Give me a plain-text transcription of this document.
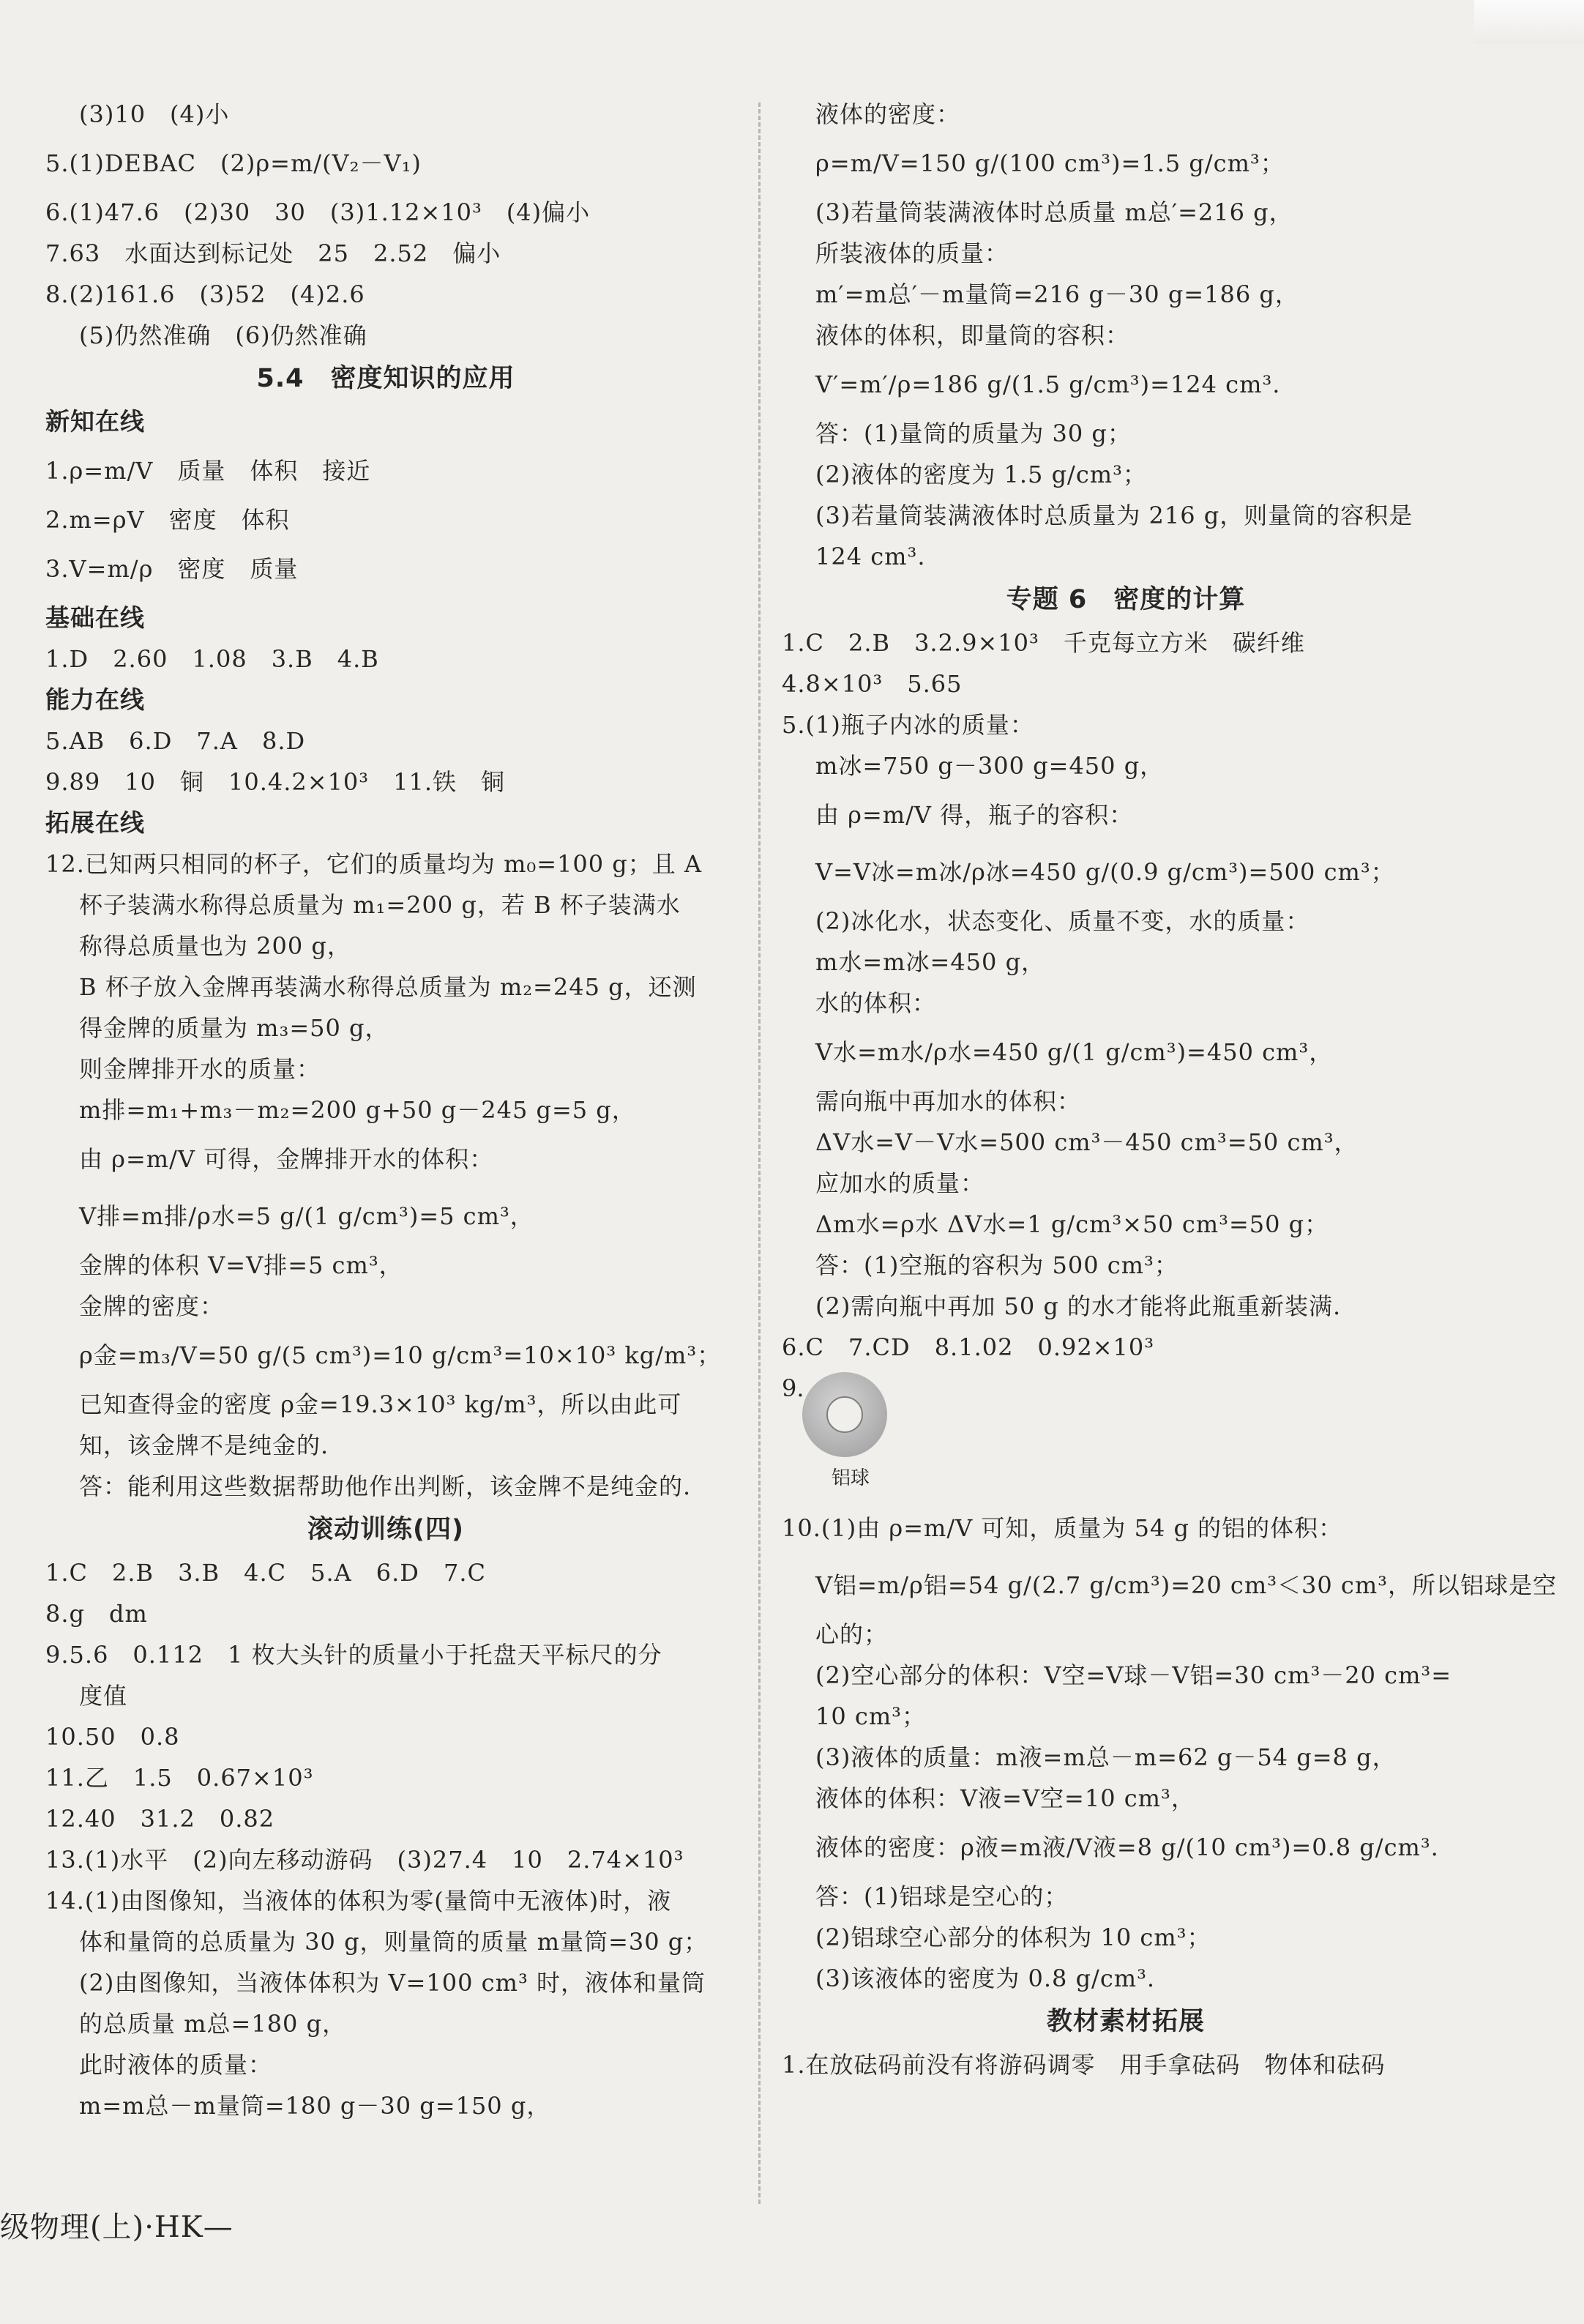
(3)10　(4)小
5.(1)DEBAC　(2)ρ=m/(V₂－V₁)
6.(1)47.6　(2)30　30　(3)1.12×10³　(4)偏小
7.63　水面达到标记处　25　2.52　偏小
8.(2)161.6　(3)52　(4)2.6
(5)仍然准确　(6)仍然准确
5.4　密度知识的应用
新知在线
1.ρ=m/V　质量　体积　接近
2.m=ρV　密度　体积
3.V=m/ρ　密度　质量
基础在线
1.D　2.60　1.08　3.B　4.B
能力在线
5.AB　6.D　7.A　8.D
9.89　10　铜　10.4.2×10³　11.铁　铜
拓展在线
12.已知两只相同的杯子，它们的质量均为 m₀=100 g；且 A
杯子装满水称得总质量为 m₁=200 g，若 B 杯子装满水
称得总质量也为 200 g，
B 杯子放入金牌再装满水称得总质量为 m₂=245 g，还测
得金牌的质量为 m₃=50 g，
则金牌排开水的质量：
m排=m₁+m₃－m₂=200 g+50 g－245 g=5 g，
由 ρ=m/V 可得，金牌排开水的体积：
V排=m排/ρ水=5 g/(1 g/cm³)=5 cm³，
金牌的体积 V=V排=5 cm³，
金牌的密度：
ρ金=m₃/V=50 g/(5 cm³)=10 g/cm³=10×10³ kg/m³；
已知查得金的密度 ρ金=19.3×10³ kg/m³，所以由此可
知，该金牌不是纯金的.
答：能利用这些数据帮助他作出判断，该金牌不是纯金的.
滚动训练(四)
1.C　2.B　3.B　4.C　5.A　6.D　7.C
8.g　dm
9.5.6　0.112　1 枚大头针的质量小于托盘天平标尺的分
度值
10.50　0.8
11.乙　1.5　0.67×10³
12.40　31.2　0.82
13.(1)水平　(2)向左移动游码　(3)27.4　10　2.74×10³
14.(1)由图像知，当液体的体积为零(量筒中无液体)时，液
体和量筒的总质量为 30 g，则量筒的质量 m量筒=30 g；
(2)由图像知，当液体体积为 V=100 cm³ 时，液体和量筒
的总质量 m总=180 g，
此时液体的质量：
m=m总－m量筒=180 g－30 g=150 g，
液体的密度：
ρ=m/V=150 g/(100 cm³)=1.5 g/cm³；
(3)若量筒装满液体时总质量 m总′=216 g，
所装液体的质量：
m′=m总′－m量筒=216 g－30 g=186 g，
液体的体积，即量筒的容积：
V′=m′/ρ=186 g/(1.5 g/cm³)=124 cm³.
答：(1)量筒的质量为 30 g；
(2)液体的密度为 1.5 g/cm³；
(3)若量筒装满液体时总质量为 216 g，则量筒的容积是
124 cm³.
专题 6　密度的计算
1.C　2.B　3.2.9×10³　千克每立方米　碳纤维
4.8×10³　5.65
5.(1)瓶子内冰的质量：
m冰=750 g－300 g=450 g，
由 ρ=m/V 得，瓶子的容积：
V=V冰=m冰/ρ冰=450 g/(0.9 g/cm³)=500 cm³；
(2)冰化水，状态变化、质量不变，水的质量：
m水=m冰=450 g，
水的体积：
V水=m水/ρ水=450 g/(1 g/cm³)=450 cm³，
需向瓶中再加水的体积：
ΔV水=V－V水=500 cm³－450 cm³=50 cm³，
应加水的质量：
Δm水=ρ水 ΔV水=1 g/cm³×50 cm³=50 g；
答：(1)空瓶的容积为 500 cm³；
(2)需向瓶中再加 50 g 的水才能将此瓶重新装满.
6.C　7.CD　8.1.02　0.92×10³
9.
铝球
10.(1)由 ρ=m/V 可知，质量为 54 g 的铝的体积：
V铝=m/ρ铝=54 g/(2.7 g/cm³)=20 cm³＜30 cm³，所以铝球是空
心的；
(2)空心部分的体积：V空=V球－V铝=30 cm³－20 cm³=
10 cm³；
(3)液体的质量：m液=m总－m=62 g－54 g=8 g，
液体的体积：V液=V空=10 cm³，
液体的密度：ρ液=m液/V液=8 g/(10 cm³)=0.8 g/cm³.
答：(1)铝球是空心的；
(2)铝球空心部分的体积为 10 cm³；
(3)该液体的密度为 0.8 g/cm³.
教材素材拓展
1.在放砝码前没有将游码调零　用手拿砝码　物体和砝码
级物理(上)·HK—
